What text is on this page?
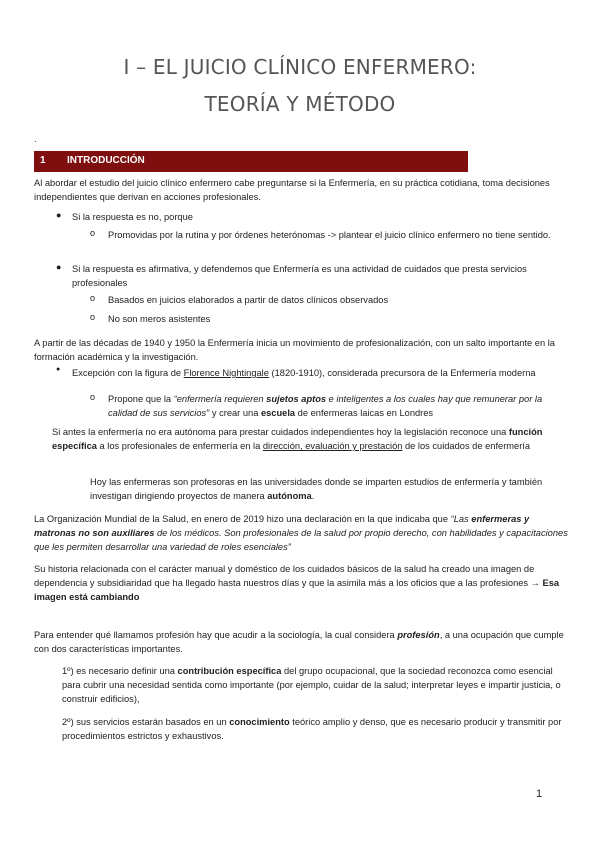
I – EL JUICIO CLÍNICO ENFERMERO:
TEORÍA Y MÉTODO
.
1 INTRODUCCIÓN
Al abordar el estudio del juicio clínico enfermero cabe preguntarse si la Enfermería, en su práctica cotidiana, toma decisiones independientes que derivan en acciones profesionales.
● Si la respuesta es no, porque
o Promovidas por la rutina y por órdenes heterónomas -> plantear el juicio clínico enfermero no tiene sentido.
● Si la respuesta es afirmativa, y defendemos que Enfermería es una actividad de cuidados que presta servicios profesionales
o Basados en juicios elaborados a partir de datos clínicos observados
o No son meros asistentes
A partir de las décadas de 1940 y 1950 la Enfermería inicia un movimiento de profesionalización, con un salto importante en la formación académica y la investigación.
● Excepción con la figura de Florence Nightingale (1820-1910), considerada precursora de la Enfermería moderna
o Propone que la “enfermería requieren sujetos aptos e inteligentes a los cuales hay que remunerar por la calidad de sus servicios” y crear una escuela de enfermeras laicas en Londres
Si antes la enfermería no era autónoma para prestar cuidados independientes hoy la legislación reconoce una función específica a los profesionales de enfermería en la dirección, evaluación y prestación de los cuidados de enfermería
Hoy las enfermeras son profesoras en las universidades donde se imparten estudios de enfermería y también investigan dirigiendo proyectos de manera autónoma.
La Organización Mundial de la Salud, en enero de 2019 hizo una declaración en la que indicaba que “Las enfermeras y matronas no son auxiliares de los médicos. Son profesionales de la salud por propio derecho, con habilidades y capacitaciones que les permiten desarrollar una variedad de roles esenciales”
Su historia relacionada con el carácter manual y doméstico de los cuidados básicos de la salud ha creado una imagen de dependencia y subsidiaridad que ha llegado hasta nuestros días y que la asimila más a los oficios que a las profesiones → Esa imagen está cambiando
Para entender qué llamamos profesión hay que acudir a la sociología, la cual considera profesión, a una ocupación que cumple con dos características importantes.
1º) es necesario definir una contribución específica del grupo ocupacional, que la sociedad reconozca como esencial para cubrir una necesidad sentida como importante (por ejemplo, cuidar de la salud; interpretar leyes e impartir justicia, o construir edificios),
2º) sus servicios estarán basados en un conocimiento teórico amplio y denso, que es necesario producir y transmitir por procedimientos estrictos y exhaustivos.
1
